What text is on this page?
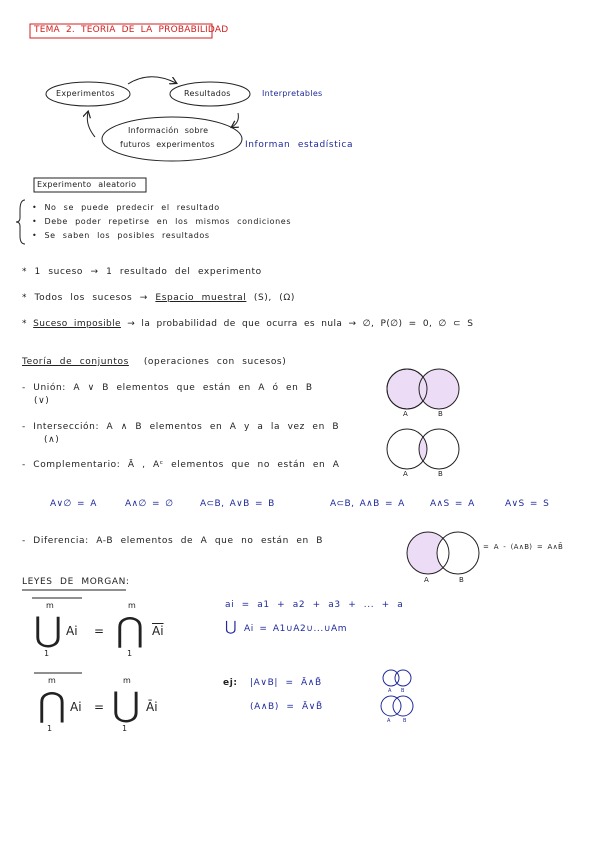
TEMA 2. TEORÍA DE LA PROBABILIDAD
Experimentos	Resultados	Interpretables
Información sobre
futuros experimentos	Informan estadística
Experimento aleatorio
• No se puede predecir el resultado
• Debe poder repetirse en los mismos condiciones
• Se saben los posibles resultados
* 1 suceso → 1 resultado del experimento
* Todos los sucesos → Espacio muestral (S), (Ω)
* Suceso imposible → la probabilidad de que ocurra es nula → ∅, P(∅) = 0, ∅ ⊂ S
Teoría de conjuntos (operaciones con sucesos)
- Unión: A ∨ B elementos que están en A ó en B
(∨)
- Intersección: A ∧ B elementos en A y a la vez en B
(∧)
- Complementario: Ā , Aᶜ elementos que no están en A
A	B
A	B
A∨∅ = A	A∧∅ = ∅	A⊂B, A∨B = B	A⊂B, A∧B = A	A∧S = A	A∨S = S
- Diferencia: A-B elementos de A que no están en B
= A - (A∧B) = A∧B̄
A	B
LEYES DE MORGAN:
⋃
m
1
Ai = ⋂
m
1
$\overline{Ai}$
⋂
m
1
Ai = ⋃
m
1
Āi
ai = a1 + a2 + a3 + ... + a
⋃ Ai = A1∪A2∪...∪Am
ej: |A∨B| = Ā∧B̄
(A∧B) = Ā∨B̄
A B
A	B
